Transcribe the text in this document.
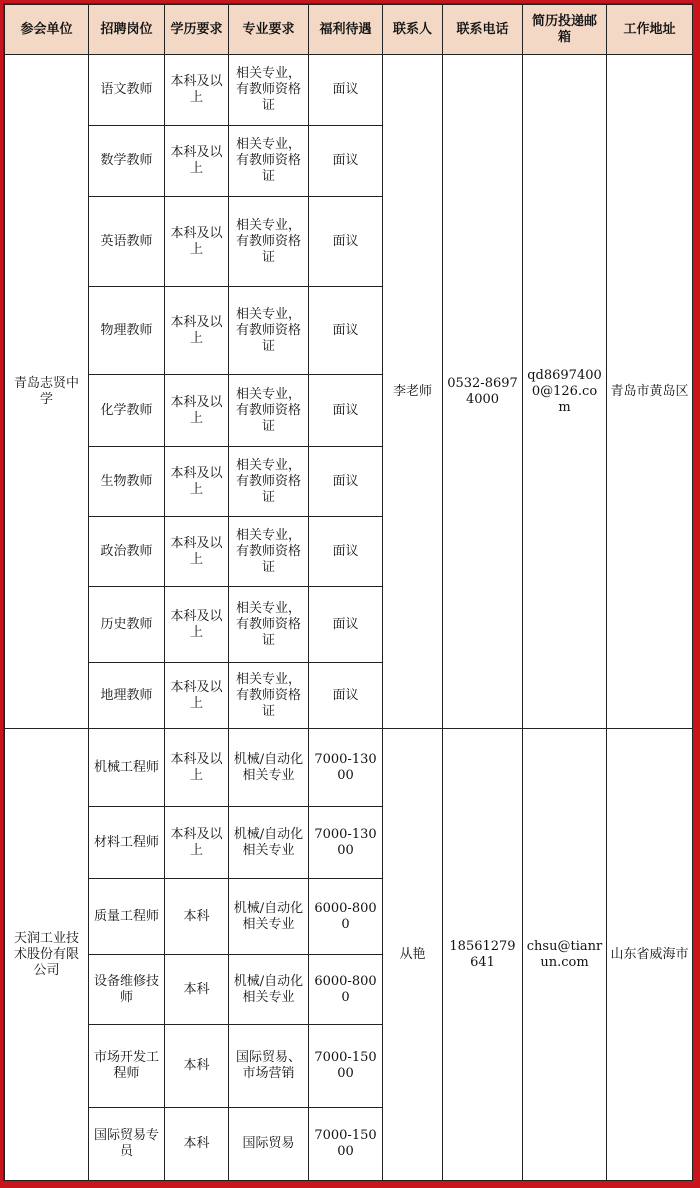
参会单位	招聘岗位	学历要求	专业要求	福利待遇	联系人	联系电话	简历投递邮箱	工作地址
青岛志贤中学	语文教师	本科及以上	相关专业，有教师资格证	面议	李老师	0532-86974000	qd86974000@126.com	青岛市黄岛区
	数学教师	本科及以上	相关专业，有教师资格证	面议				
	英语教师	本科及以上	相关专业，有教师资格证	面议				
	物理教师	本科及以上	相关专业，有教师资格证	面议				
	化学教师	本科及以上	相关专业，有教师资格证	面议				
	生物教师	本科及以上	相关专业，有教师资格证	面议				
	政治教师	本科及以上	相关专业，有教师资格证	面议				
	历史教师	本科及以上	相关专业，有教师资格证	面议				
	地理教师	本科及以上	相关专业，有教师资格证	面议				
天润工业技术股份有限公司	机械工程师	本科及以上	机械/自动化相关专业	7000-13000	从艳	18561279641	chsu@tianrun.com	山东省威海市
	材料工程师	本科及以上	机械/自动化相关专业	7000-13000				
	质量工程师	本科	机械/自动化相关专业	6000-8000				
	设备维修技师	本科	机械/自动化相关专业	6000-8000				
	市场开发工程师	本科	国际贸易、市场营销	7000-15000				
	国际贸易专员	本科	国际贸易	7000-15000				
